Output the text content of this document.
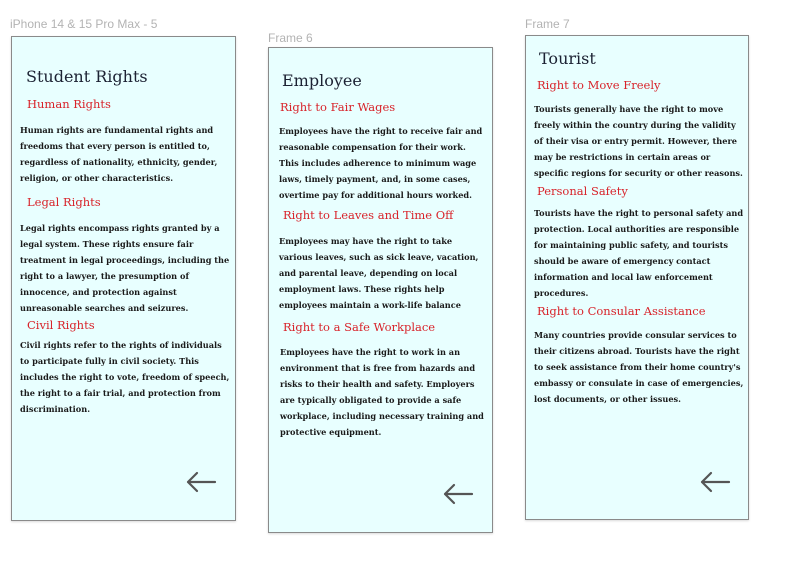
iPhone 14 & 15 Pro Max - 5
Student Rights
Human Rights
Human rights are fundamental rights and
freedoms that every person is entitled to,
regardless of nationality, ethnicity, gender,
religion, or other characteristics.
Legal Rights
Legal rights encompass rights granted by a
legal system. These rights ensure fair
treatment in legal proceedings, including the
right to a lawyer, the presumption of
innocence, and protection against
unreasonable searches and seizures.
Civil Rights
Civil rights refer to the rights of individuals
to participate fully in civil society. This
includes the right to vote, freedom of speech,
the right to a fair trial, and protection from
discrimination.
Frame 6
Employee
Right to Fair Wages
Employees have the right to receive fair and
reasonable compensation for their work.
This includes adherence to minimum wage
laws, timely payment, and, in some cases,
overtime pay for additional hours worked.
Right to Leaves and Time Off
Employees may have the right to take
various leaves, such as sick leave, vacation,
and parental leave, depending on local
employment laws. These rights help
employees maintain a work-life balance
Right to a Safe Workplace
Employees have the right to work in an
environment that is free from hazards and
risks to their health and safety. Employers
are typically obligated to provide a safe
workplace, including necessary training and
protective equipment.
Frame 7
Tourist
Right to Move Freely
Tourists generally have the right to move
freely within the country during the validity
of their visa or entry permit. However, there
may be restrictions in certain areas or
specific regions for security or other reasons.
Personal Safety
Tourists have the right to personal safety and
protection. Local authorities are responsible
for maintaining public safety, and tourists
should be aware of emergency contact
information and local law enforcement
procedures.
Right to Consular Assistance
Many countries provide consular services to
their citizens abroad. Tourists have the right
to seek assistance from their home country's
embassy or consulate in case of emergencies,
lost documents, or other issues.
